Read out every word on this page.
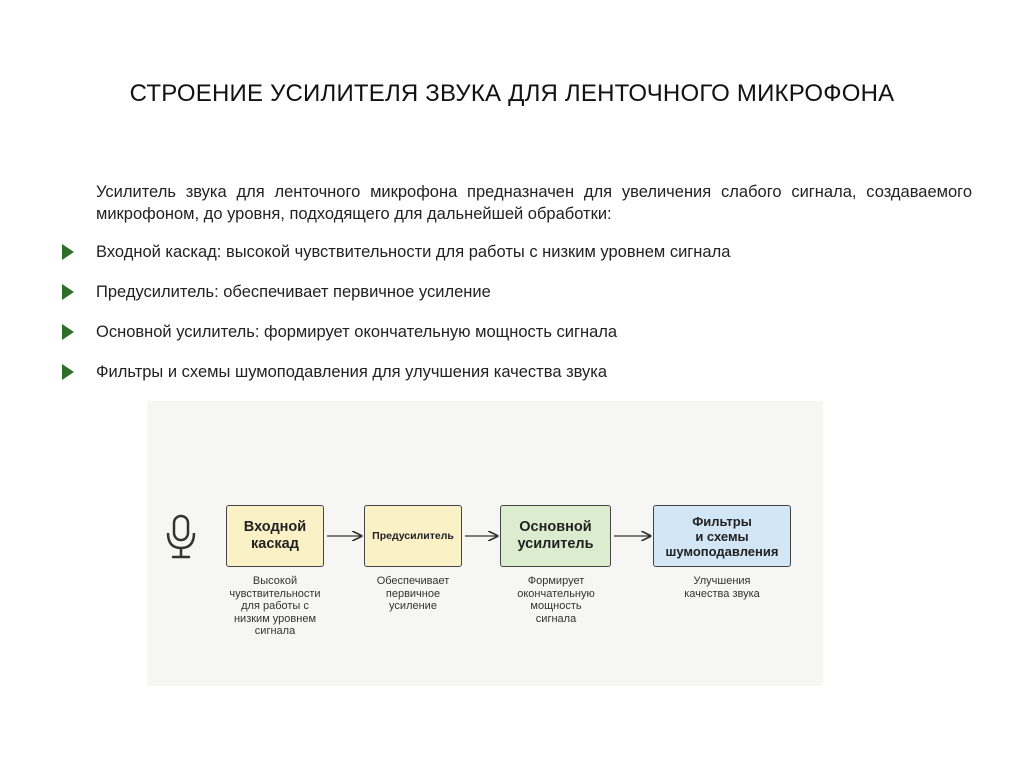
СТРОЕНИЕ УСИЛИТЕЛЯ ЗВУКА ДЛЯ ЛЕНТОЧНОГО МИКРОФОНА
Усилитель звука для ленточного микрофона предназначен для увеличения слабого сигнала, создаваемого микрофоном, до уровня, подходящего для дальнейшей обработки:
Входной каскад: высокой чувствительности для работы с низким уровнем сигнала
Предусилитель: обеспечивает первичное усиление
Основной усилитель: формирует окончательную мощность сигнала
Фильтры и схемы шумоподавления для улучшения качества звука
Входной
каскад	Предусилитель
Основной
усилитель
Фильтры
и схемы
шумоподавления
Высокой
чувствительности
для работы с
низким уровнем
сигнала
Обеспечивает
первичное
усиление
Формирует
окончательную
мощность
сигнала
Улучшения
качества звука
